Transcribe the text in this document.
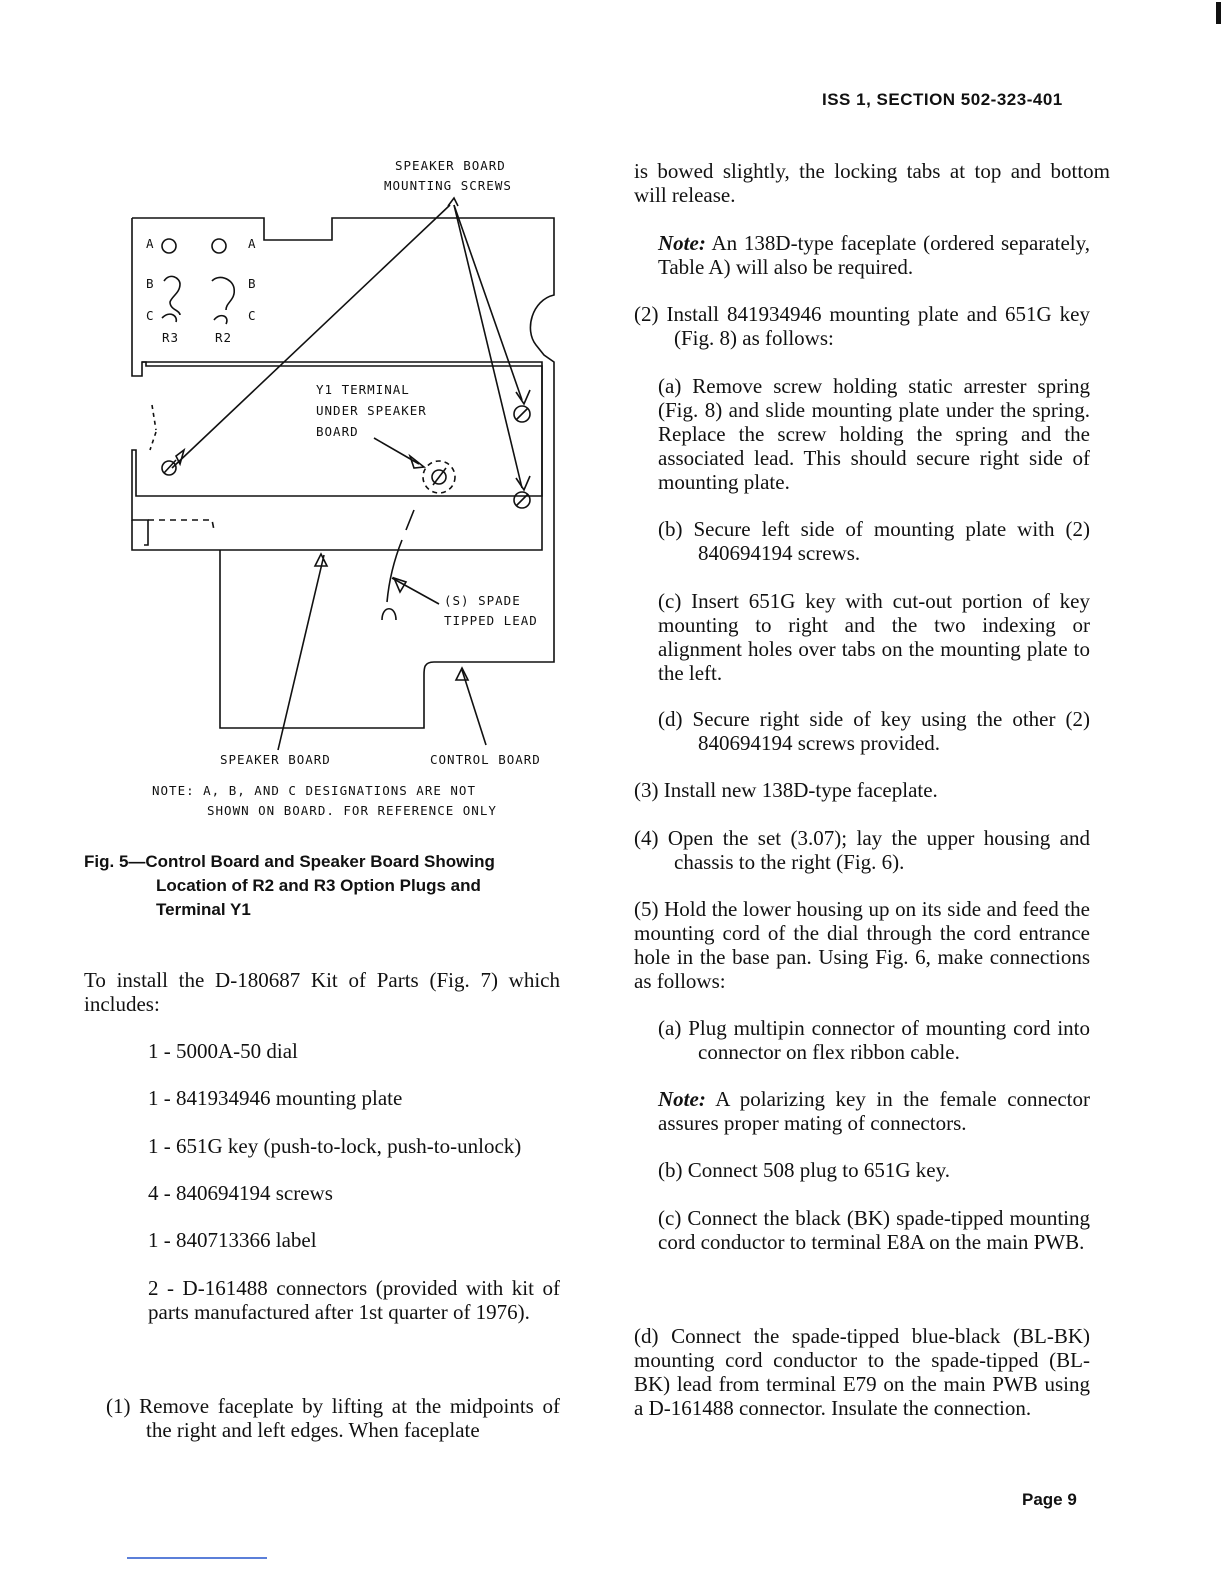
ISS 1, SECTION 502-323-401
SPEAKER BOARD
MOUNTING SCREWS
A	A
B	B
C	C
R3	R2
Y1 TERMINAL
UNDER SPEAKER
BOARD
(S) SPADE
TIPPED LEAD
SPEAKER BOARD	CONTROL BOARD
NOTE: A, B, AND C DESIGNATIONS ARE NOT
SHOWN ON BOARD. FOR REFERENCE ONLY
Fig. 5—Control Board and Speaker Board Showing
Location of R2 and R3 Option Plugs and
Terminal Y1

To install the D-180687 Kit of Parts (Fig. 7) which includes:

1 - 5000A-50 dial

1 - 841934946 mounting plate

1 - 651G key (push-to-lock, push-to-unlock)

4 - 840694194 screws

1 - 840713366 label

2 - D-161488 connectors (provided with kit of parts manufactured after 1st quarter of 1976).

(1) Remove faceplate by lifting at the midpoints of the right and left edges. When faceplate

is bowed slightly, the locking tabs at top and bottom will release.

Note: An 138D-type faceplate (ordered separately, Table A) will also be required.

(2) Install 841934946 mounting plate and 651G key (Fig. 8) as follows:

(a) Remove screw holding static arrester spring (Fig. 8) and slide mounting plate under the spring. Replace the screw holding the spring and the associated lead. This should secure right side of mounting plate.

(b) Secure left side of mounting plate with (2) 840694194 screws.

(c) Insert 651G key with cut-out portion of key mounting to right and the two indexing or alignment holes over tabs on the mounting plate to the left.

(d) Secure right side of key using the other (2) 840694194 screws provided.

(3) Install new 138D-type faceplate.

(4) Open the set (3.07); lay the upper housing and chassis to the right (Fig. 6).

(5) Hold the lower housing up on its side and feed the mounting cord of the dial through the cord entrance hole in the base pan. Using Fig. 6, make connections as follows:

(a) Plug multipin connector of mounting cord into connector on flex ribbon cable.

Note: A polarizing key in the female connector assures proper mating of connectors.

(b) Connect 508 plug to 651G key.

(c) Connect the black (BK) spade-tipped mounting cord conductor to terminal E8A on the main PWB.

(d) Connect the spade-tipped blue-black (BL-BK) mounting cord conductor to the spade-tipped (BL-BK) lead from terminal E79 on the main PWB using a D-161488 connector. Insulate the connection.

Page 9
